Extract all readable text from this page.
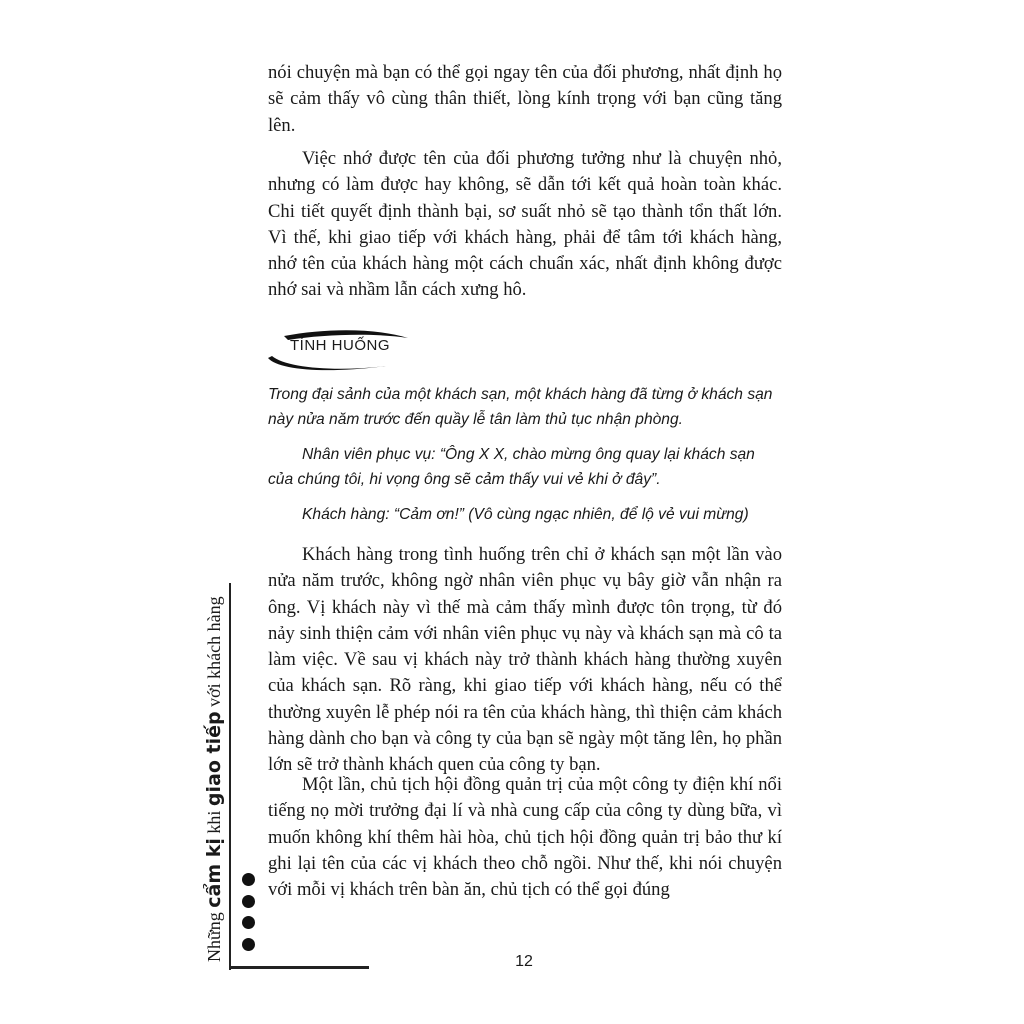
nói chuyện mà bạn có thể gọi ngay tên của đối phương, nhất định họ sẽ cảm thấy vô cùng thân thiết, lòng kính trọng với bạn cũng tăng lên.

Việc nhớ được tên của đối phương tưởng như là chuyện nhỏ, nhưng có làm được hay không, sẽ dẫn tới kết quả hoàn toàn khác. Chi tiết quyết định thành bại, sơ suất nhỏ sẽ tạo thành tổn thất lớn. Vì thế, khi giao tiếp với khách hàng, phải để tâm tới khách hàng, nhớ tên của khách hàng một cách chuẩn xác, nhất định không được nhớ sai và nhầm lẫn cách xưng hô.

TÌNH HUỐNG

Trong đại sảnh của một khách sạn, một khách hàng đã từng ở khách sạn này nửa năm trước đến quầy lễ tân làm thủ tục nhận phòng.

Nhân viên phục vụ: “Ông X X, chào mừng ông quay lại khách sạn của chúng tôi, hi vọng ông sẽ cảm thấy vui vẻ khi ở đây”.

Khách hàng: “Cảm ơn!” (Vô cùng ngạc nhiên, để lộ vẻ vui mừng)

Khách hàng trong tình huống trên chỉ ở khách sạn một lần vào nửa năm trước, không ngờ nhân viên phục vụ bây giờ vẫn nhận ra ông. Vị khách này vì thế mà cảm thấy mình được tôn trọng, từ đó nảy sinh thiện cảm với nhân viên phục vụ này và khách sạn mà cô ta làm việc. Về sau vị khách này trở thành khách hàng thường xuyên của khách sạn. Rõ ràng, khi giao tiếp với khách hàng, nếu có thể thường xuyên lễ phép nói ra tên của khách hàng, thì thiện cảm khách hàng dành cho bạn và công ty của bạn sẽ ngày một tăng lên, họ phần lớn sẽ trở thành khách quen của công ty bạn.

Một lần, chủ tịch hội đồng quản trị của một công ty điện khí nổi tiếng nọ mời trưởng đại lí và nhà cung cấp của công ty dùng bữa, vì muốn không khí thêm hài hòa, chủ tịch hội đồng quản trị bảo thư kí ghi lại tên của các vị khách theo chỗ ngồi. Như thế, khi nói chuyện với mỗi vị khách trên bàn ăn, chủ tịch có thể gọi đúng

Những cẩm kị khi giao tiếp với khách hàng
12
